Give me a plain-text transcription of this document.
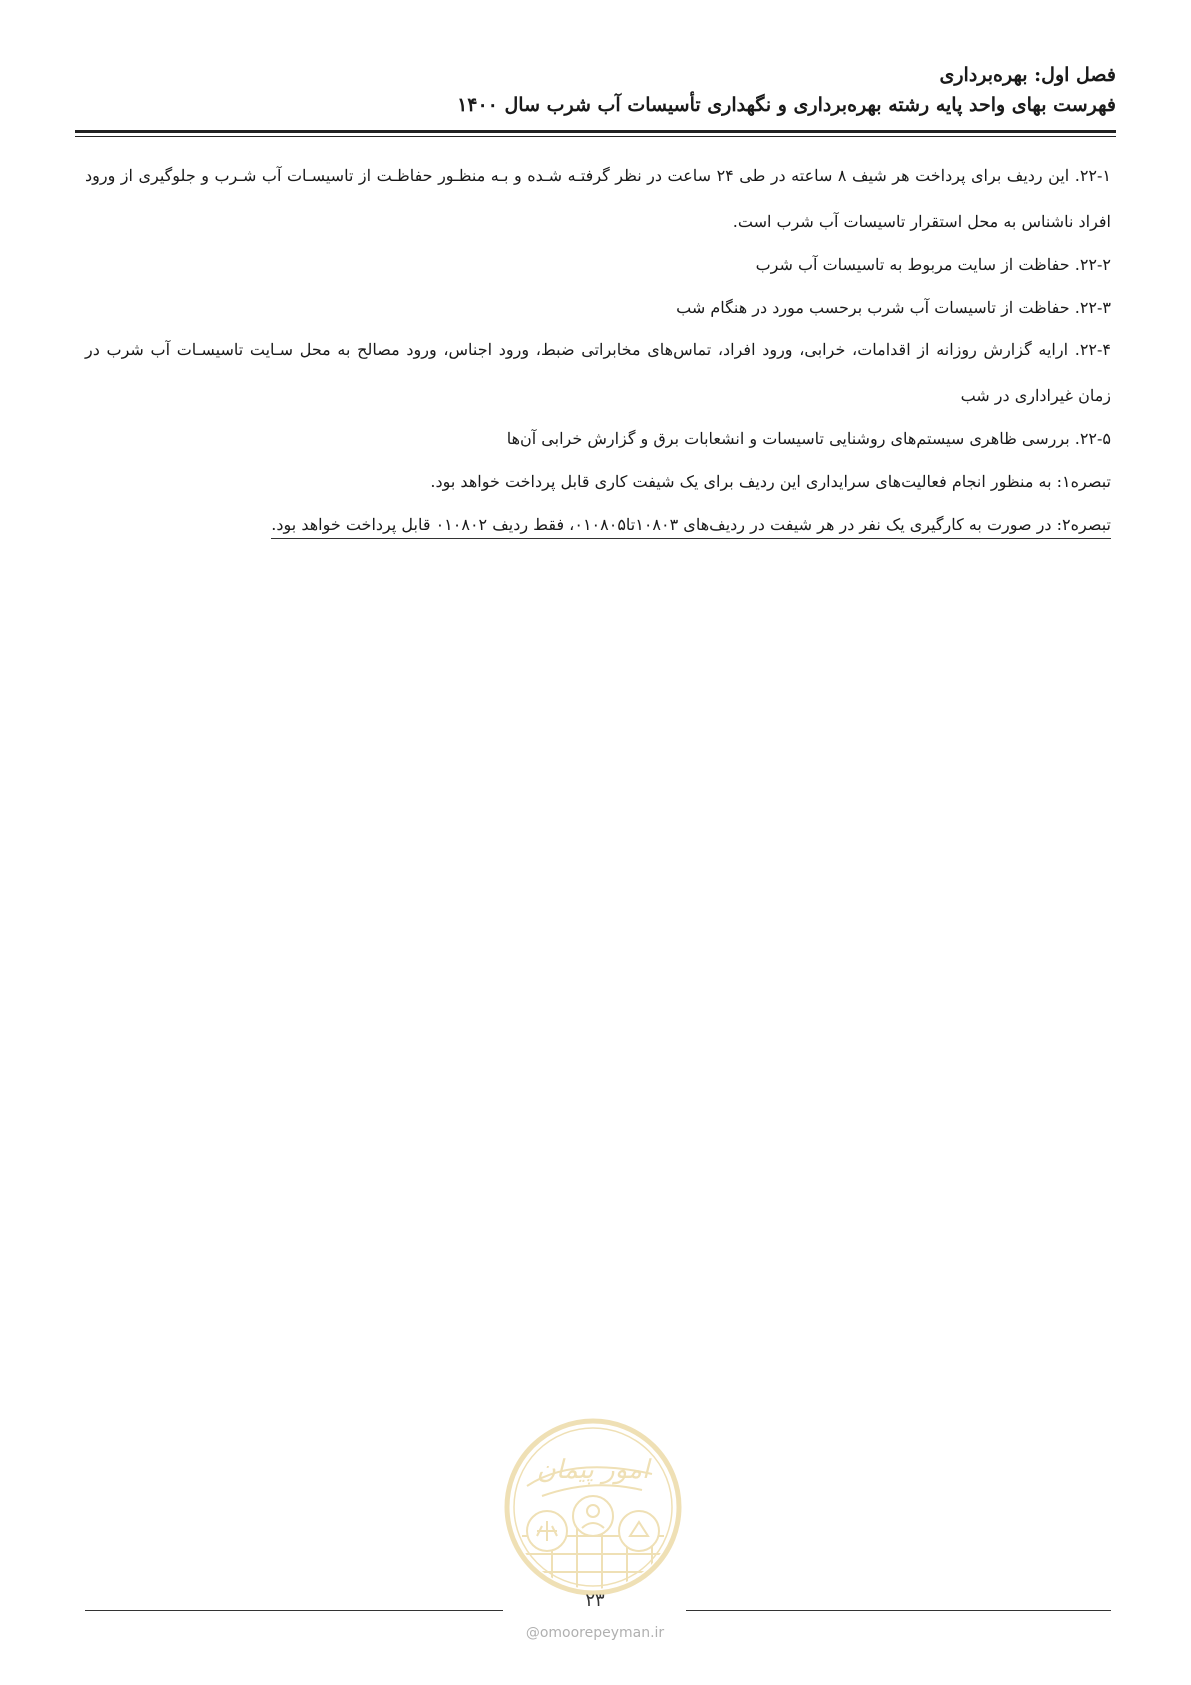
فصل اول: بهره‌برداری
فهرست بهای واحد پایه رشته بهره‌برداری و نگهداری تأسیسات آب شرب سال ۱۴۰۰

۲۲-۱. این ردیف برای پرداخت هر شیف ۸ ساعته در طی ۲۴ ساعت در نظر گرفتـه شـده و بـه منظـور حفاظـت از تاسیسـات آب شـرب و جلوگیری از ورود افراد ناشناس به محل استقرار تاسیسات آب شرب است.

۲۲-۲. حفاظت از سایت مربوط به تاسیسات آب شرب

۲۲-۳. حفاظت از تاسیسات آب شرب برحسب مورد در هنگام شب

۲۲-۴. ارایه گزارش روزانه از اقدامات، خرابی، ورود افراد، تماس‌های مخابراتی ضبط، ورود اجناس، ورود مصالح به محل سـایت تاسیسـات آب شرب در زمان غیراداری در شب

۲۲-۵. بررسی ظاهری سیستم‌های روشنایی تاسیسات و انشعابات برق و گزارش خرابی آن‌ها

تبصره۱: به منظور انجام فعالیت‌های سرایداری این ردیف برای یک شیفت کاری قابل پرداخت خواهد بود.

تبصره۲: در صورت به کارگیری یک نفر در هر شیفت در ردیف‌های ۱۰۸۰۳تا۰۱۰۸۰۵، فقط ردیف ۰۱۰۸۰۲ قابل پرداخت خواهد بود.

امور پیمان
۲۳
@omoorepeyman.ir
